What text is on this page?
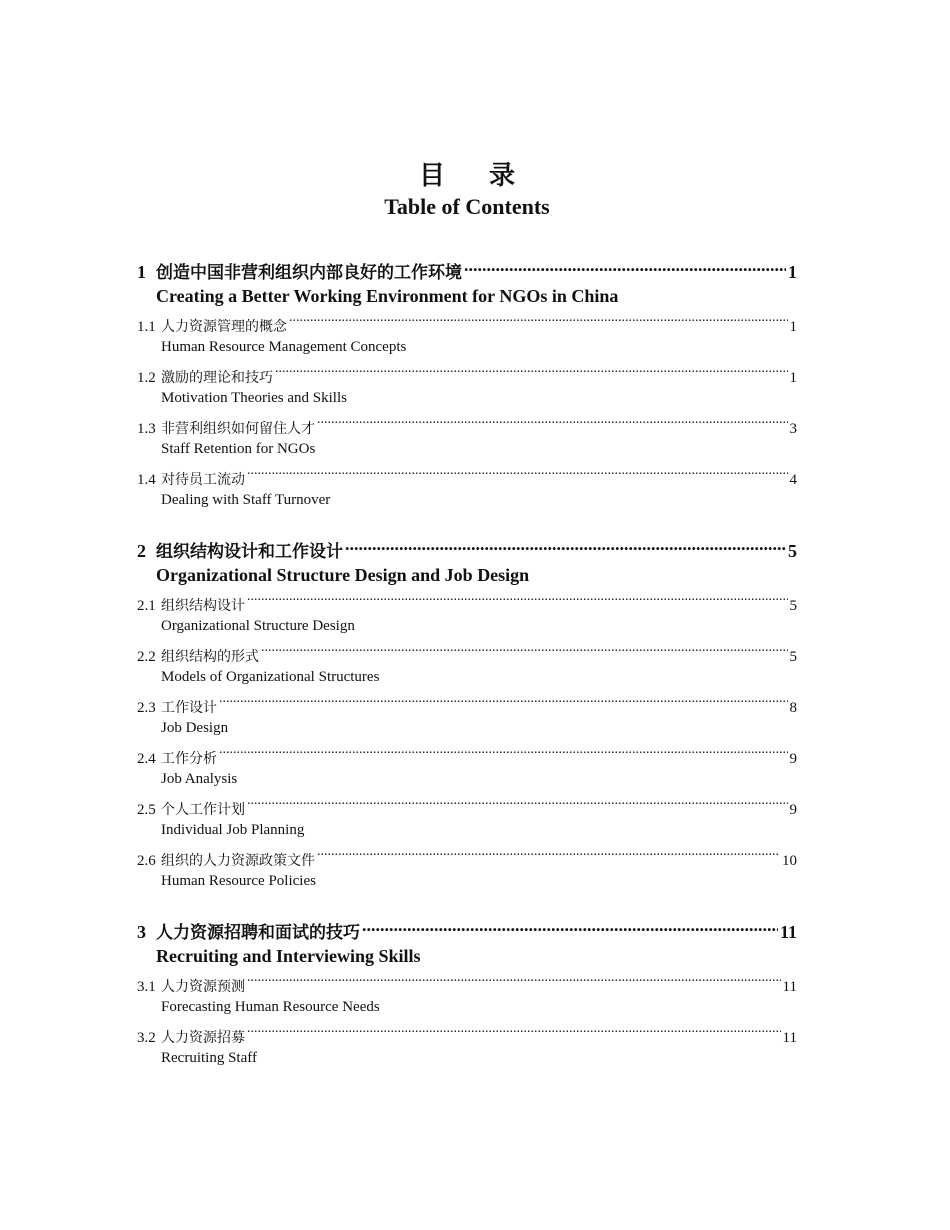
目录
Table of Contents
1 创造中国非营利组织内部良好的工作环境 .....	1
Creating a Better Working Environment for NGOs in China
1.1 人力资源管理的概念 .....	1
Human Resource Management Concepts
1.2 激励的理论和技巧 .....	1
Motivation Theories and Skills
1.3 非营利组织如何留住人才 .....	3
Staff Retention for NGOs
1.4 对待员工流动 .....	4
Dealing with Staff Turnover
2 组织结构设计和工作设计 .....	5
Organizational Structure Design and Job Design
2.1 组织结构设计 .....	5
Organizational Structure Design
2.2 组织结构的形式 .....	5
Models of Organizational Structures
2.3 工作设计 .....	8
Job Design
2.4 工作分析 .....	9
Job Analysis
2.5 个人工作计划 .....	9
Individual Job Planning
2.6 组织的人力资源政策文件 .....	10
Human Resource Policies
3 人力资源招聘和面试的技巧 .....	11
Recruiting and Interviewing Skills
3.1 人力资源预测 .....	11
Forecasting Human Resource Needs
3.2 人力资源招募 .....	11
Recruiting Staff
